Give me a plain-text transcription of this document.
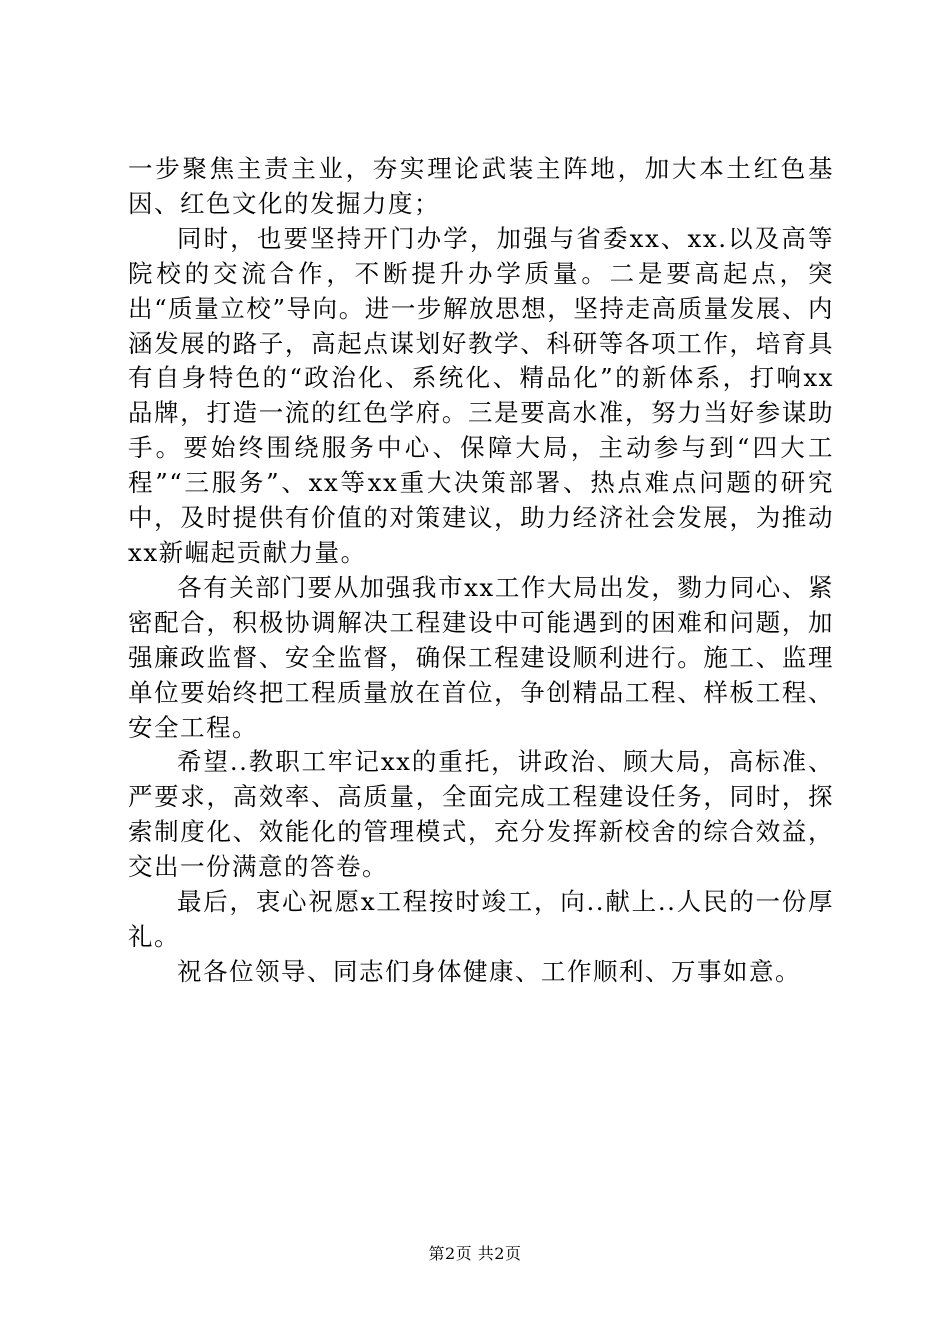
一步聚焦主责主业，夯实理论武装主阵地，加大本土红色基因、红色文化的发掘力度；

同时，也要坚持开门办学，加强与省委xx、xx.以及高等院校的交流合作，不断提升办学质量。二是要高起点，突出“质量立校”导向。进一步解放思想，坚持走高质量发展、内涵发展的路子，高起点谋划好教学、科研等各项工作，培育具有自身特色的“政治化、系统化、精品化”的新体系，打响xx品牌，打造一流的红色学府。三是要高水准，努力当好参谋助手。要始终围绕服务中心、保障大局，主动参与到“四大工程”“三服务”、xx等xx重大决策部署、热点难点问题的研究中，及时提供有价值的对策建议，助力经济社会发展，为推动xx新崛起贡献力量。

各有关部门要从加强我市xx工作大局出发，勠力同心、紧密配合，积极协调解决工程建设中可能遇到的困难和问题，加强廉政监督、安全监督，确保工程建设顺利进行。施工、监理单位要始终把工程质量放在首位，争创精品工程、样板工程、安全工程。

希望..教职工牢记xx的重托，讲政治、顾大局，高标准、严要求，高效率、高质量，全面完成工程建设任务，同时，探索制度化、效能化的管理模式，充分发挥新校舍的综合效益，交出一份满意的答卷。

最后，衷心祝愿x工程按时竣工，向..献上..人民的一份厚礼。

祝各位领导、同志们身体健康、工作顺利、万事如意。

第2页 共2页
